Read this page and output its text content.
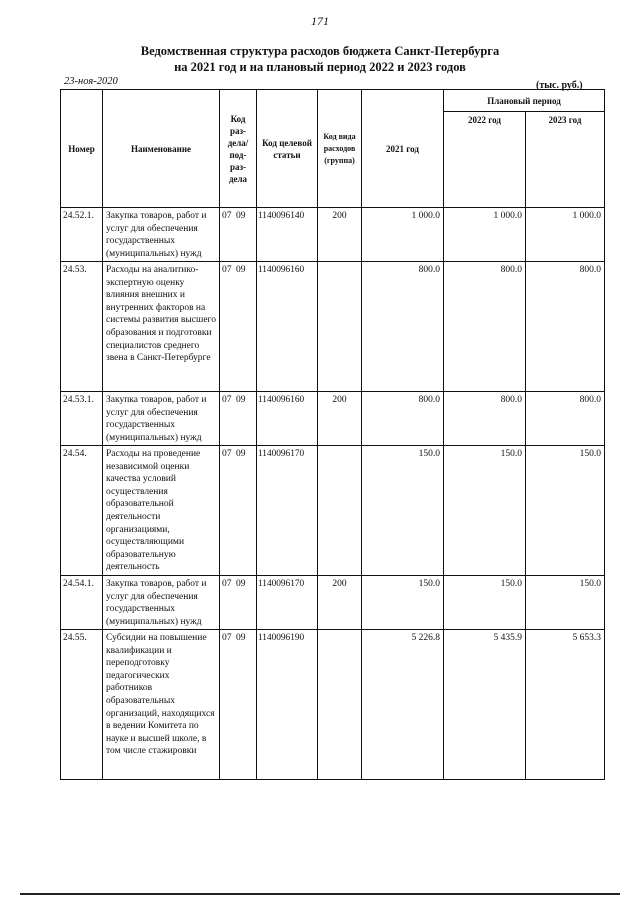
171
Ведомственная структура расходов бюджета Санкт-Петербурга
на 2021 год и на плановый период 2022 и 2023 годов
23-ноя-2020	(тыс. руб.)
Номер	Наименование	Код раз- дела/ под- раз- дела	Код целевой статьи	Код вида расходов (группа)	2021 год	Плановый период	
						2022 год	2023 год
24.52.1.	Закупка товаров, работ и услуг для обеспечения государственных (муниципальных) нужд	07 09	1140096140	200	1 000.0	1 000.0	1 000.0
24.53.	Расходы на аналитико-экспертную оценку влияния внешних и внутренних факторов на системы развития высшего образования и подготовки специалистов среднего звена в Санкт-Петербурге	07 09	1140096160		800.0	800.0	800.0
24.53.1.	Закупка товаров, работ и услуг для обеспечения государственных (муниципальных) нужд	07 09	1140096160	200	800.0	800.0	800.0
24.54.	Расходы на проведение независимой оценки качества условий осуществления образовательной деятельности организациями, осуществляющими образовательную деятельность	07 09	1140096170		150.0	150.0	150.0
24.54.1.	Закупка товаров, работ и услуг для обеспечения государственных (муниципальных) нужд	07 09	1140096170	200	150.0	150.0	150.0
24.55.	Субсидии на повышение квалификации и переподготовку педагогических работников образовательных организаций, находящихся в ведении Комитета по науке и высшей школе, в том числе стажировки	07 09	1140096190		5 226.8	5 435.9	5 653.3
